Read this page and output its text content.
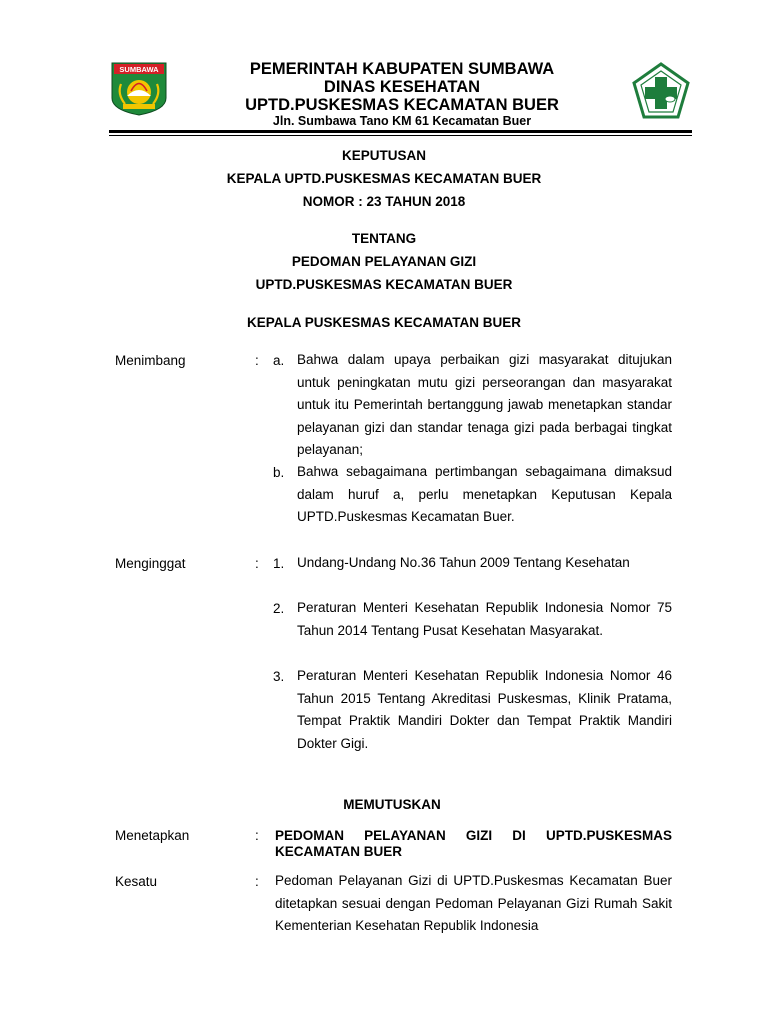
SUMBAWA	PEMERINTAH KABUPATEN SUMBAWA
DINAS KESEHATAN
UPTD.PUSKESMAS KECAMATAN BUER
Jln. Sumbawa Tano KM 61 Kecamatan Buer
KEPUTUSAN
KEPALA UPTD.PUSKESMAS KECAMATAN BUER
NOMOR : 23 TAHUN 2018
TENTANG
PEDOMAN PELAYANAN GIZI
UPTD.PUSKESMAS KECAMATAN BUER
KEPALA PUSKESMAS KECAMATAN BUER
Menimbang	: a. Bahwa dalam upaya perbaikan gizi masyarakat ditujukan untuk peningkatan mutu gizi perseorangan dan masyarakat untuk itu Pemerintah bertanggung jawab menetapkan standar pelayanan gizi dan standar tenaga gizi pada berbagai tingkat pelayanan;
b. Bahwa sebagaimana pertimbangan sebagaimana dimaksud dalam huruf a, perlu menetapkan Keputusan Kepala UPTD.Puskesmas Kecamatan Buer.
Menginggat	: 1. Undang-Undang No.36 Tahun 2009 Tentang Kesehatan
2. Peraturan Menteri Kesehatan Republik Indonesia Nomor 75 Tahun 2014 Tentang Pusat Kesehatan Masyarakat.
3. Peraturan Menteri Kesehatan Republik Indonesia Nomor 46 Tahun 2015 Tentang Akreditasi Puskesmas, Klinik Pratama, Tempat Praktik Mandiri Dokter dan Tempat Praktik Mandiri Dokter Gigi.
MEMUTUSKAN
Menetapkan	: PEDOMAN PELAYANAN GIZI DI UPTD.PUSKESMAS KECAMATAN BUER
Kesatu	: Pedoman Pelayanan Gizi di UPTD.Puskesmas Kecamatan Buer ditetapkan sesuai dengan Pedoman Pelayanan Gizi Rumah Sakit Kementerian Kesehatan Republik Indonesia
